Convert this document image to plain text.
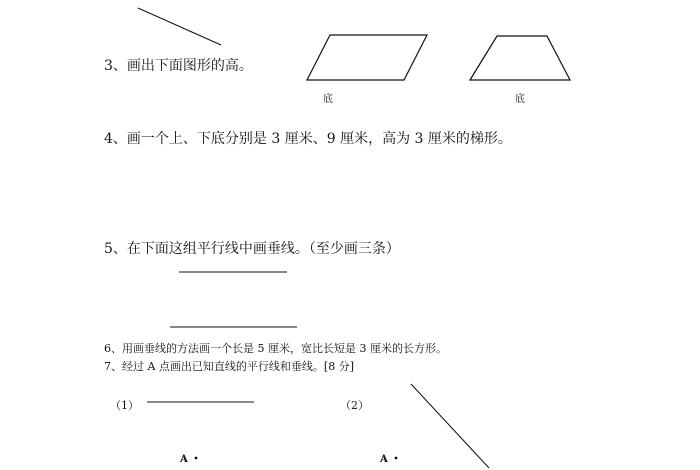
3、画出下面图形的高。
底	底
4、画一个上、下底分别是 3 厘米、9 厘米，高为 3 厘米的梯形。
5、在下面这组平行线中画垂线。（至少画三条）
6、用画垂线的方法画一个长是 5 厘米，宽比长短是 3 厘米的长方形。
7、经过 A 点画出已知直线的平行线和垂线。[8 分]
（1）	（2）
A	A
